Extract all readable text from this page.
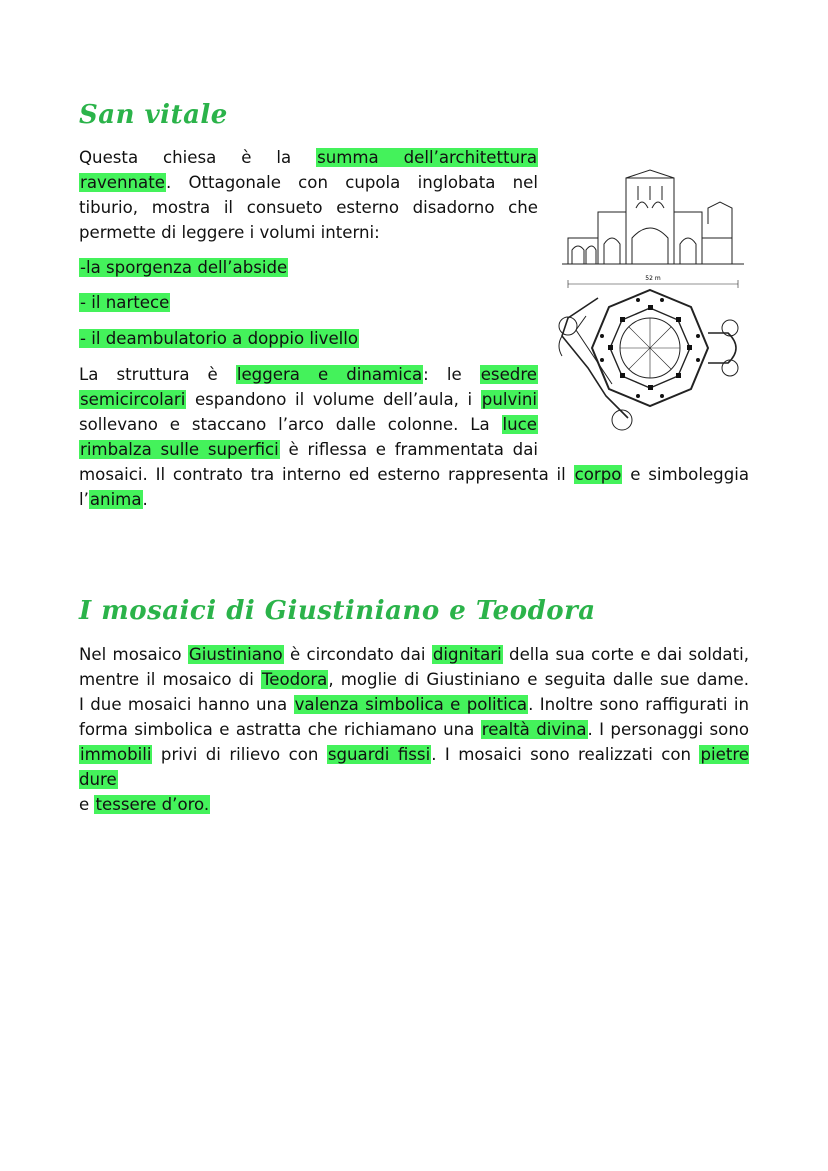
San vitale
Questa chiesa è la summa dell’architettura
ravennate. Ottagonale con cupola inglobata nel
tiburio, mostra il consueto esterno disadorno che
permette di leggere i volumi interni:

-la sporgenza dell’abside

- il nartece

- il deambulatorio a doppio livello

La struttura è leggera e dinamica: le esedre
semicircolari espandono il volume dell’aula, i pulvini
sollevano e staccano l’arco dalle colonne. La luce
rimbalza sulle superfici è riflessa e frammentata dai
mosaici. Il contrato tra interno ed esterno rappresenta il corpo e simboleggia
l’anima.
52 m
I mosaici di Giustiniano e Teodora
Nel mosaico Giustiniano è circondato dai dignitari della sua corte e dai soldati,
mentre il mosaico di Teodora, moglie di Giustiniano e seguita dalle sue dame.
I due mosaici hanno una valenza simbolica e politica. Inoltre sono raffigurati in
forma simbolica e astratta che richiamano una realtà divina. I personaggi sono
immobili privi di rilievo con sguardi fissi. I mosaici sono realizzati con pietre dure
e tessere d’oro.
